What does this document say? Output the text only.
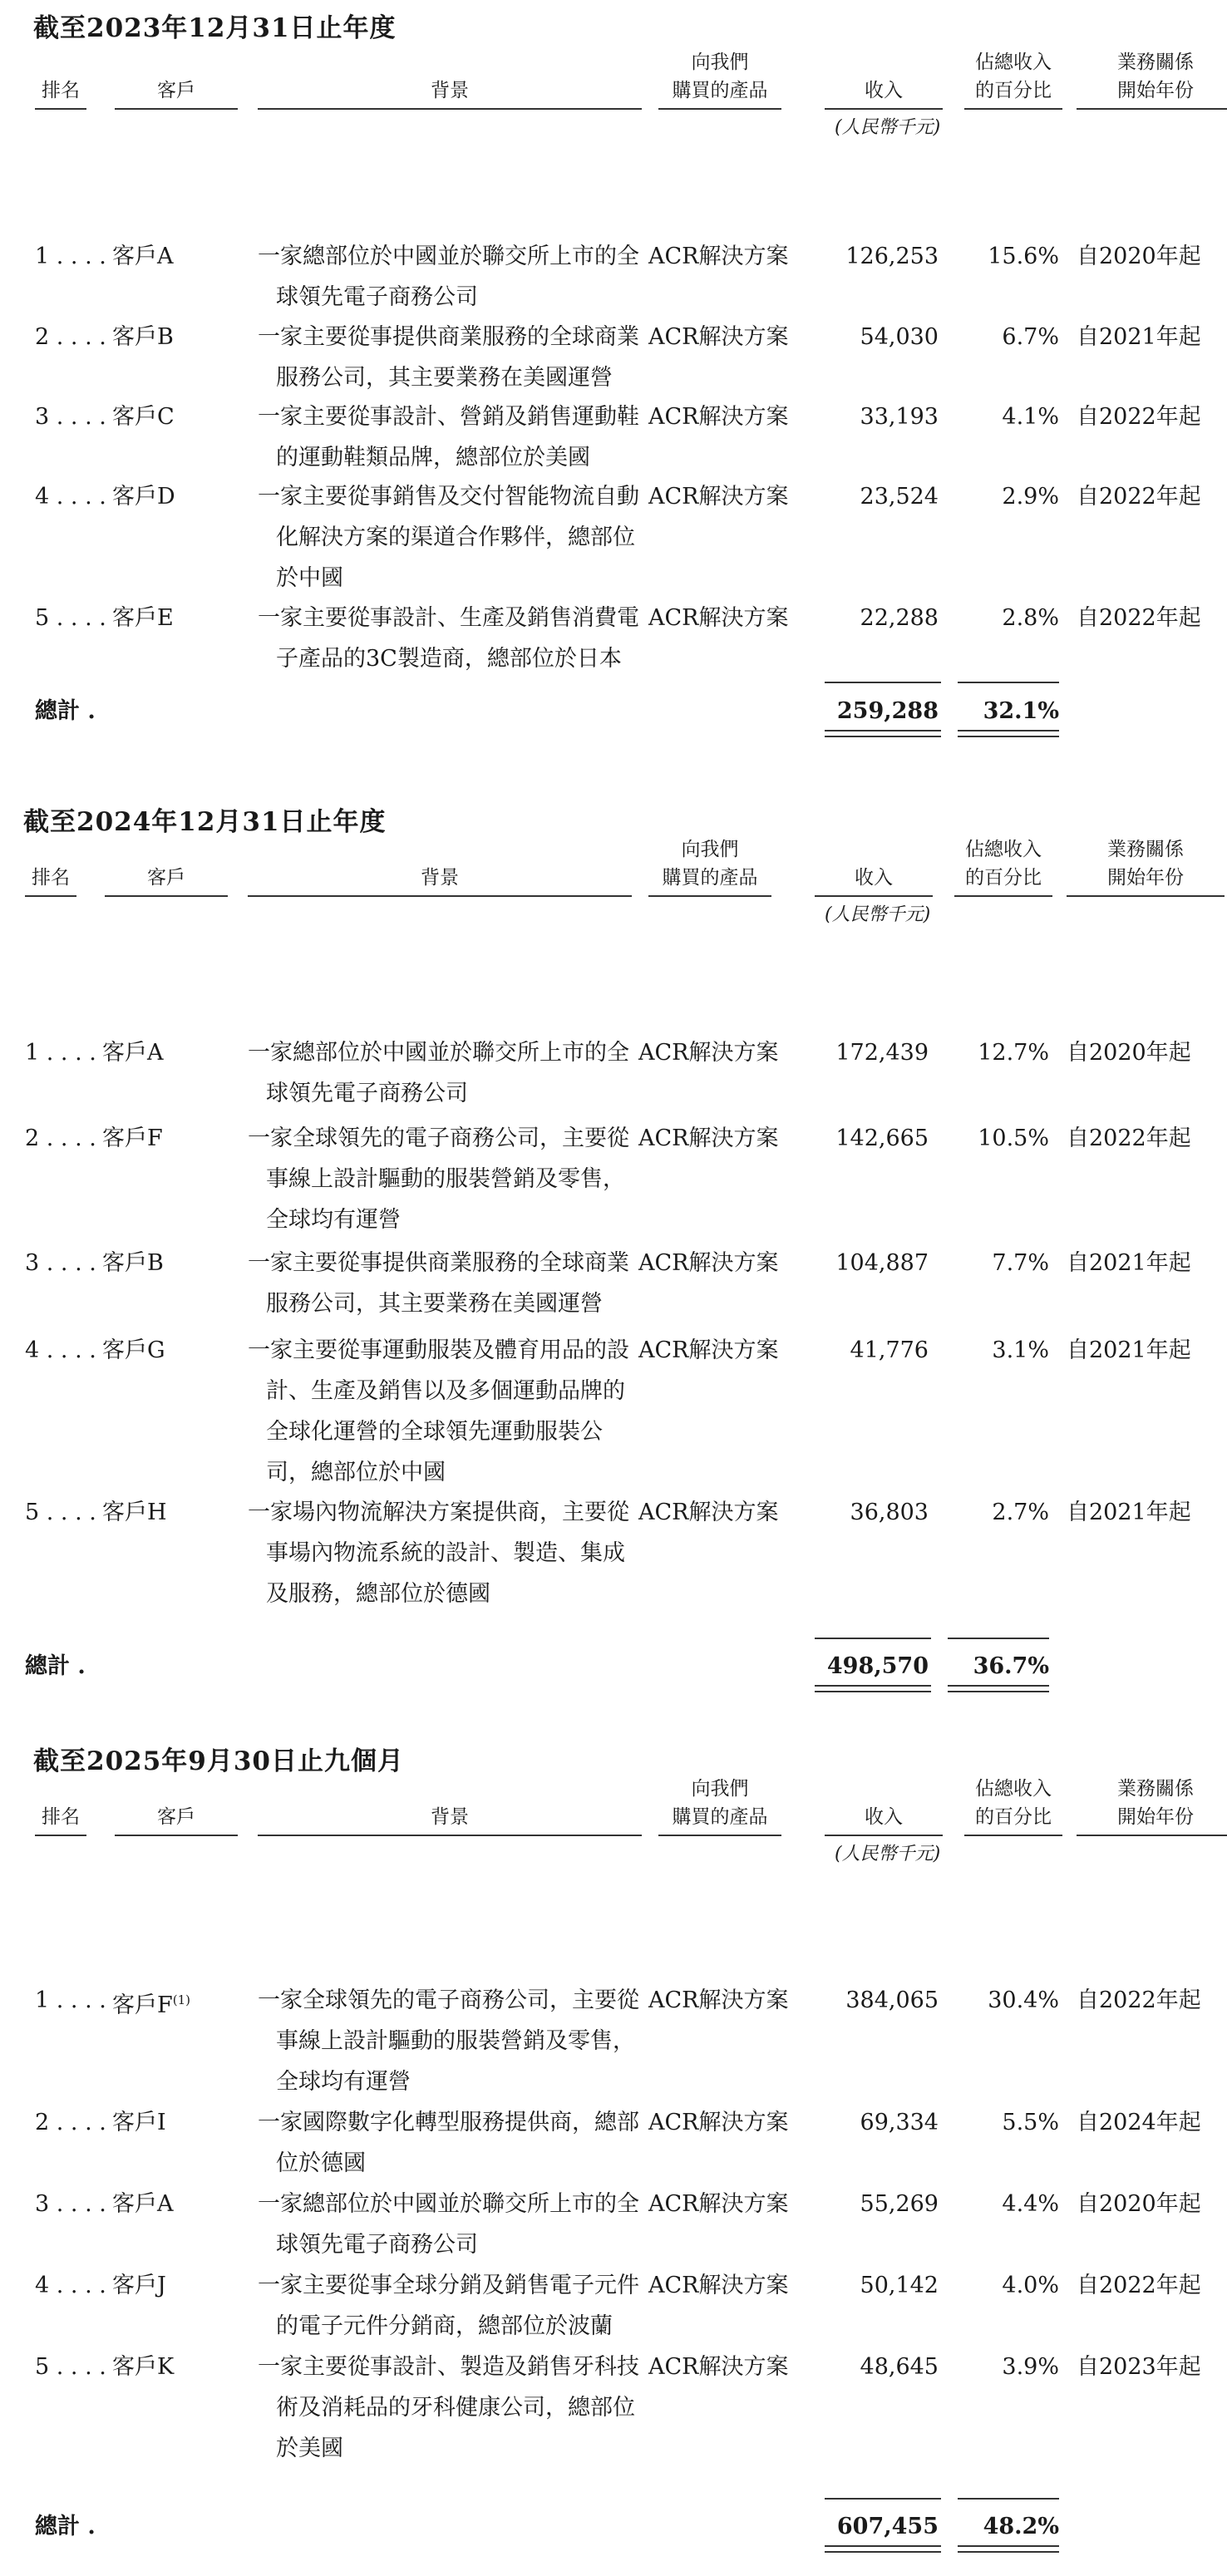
截至2023年12月31日止年度
排名	客戶	背景
向我們
購買的產品	收入
佔總收入
的百分比
業務關係
開始年份
(人民幣千元)
1 . . . . 客戶A	一家總部位於中國並於聯交所上市的全
球領先電子商務公司
ACR解決方案	126,253	15.6% 自2020年起
2 . . . . 客戶B	一家主要從事提供商業服務的全球商業
服務公司，其主要業務在美國運營
ACR解決方案	54,030	6.7% 自2021年起
3 . . . . 客戶C	一家主要從事設計、營銷及銷售運動鞋
的運動鞋類品牌，總部位於美國
ACR解決方案	33,193	4.1% 自2022年起
4 . . . . 客戶D	一家主要從事銷售及交付智能物流自動
化解決方案的渠道合作夥伴，總部位
於中國
ACR解決方案	23,524	2.9% 自2022年起
5 . . . . 客戶E	一家主要從事設計、生產及銷售消費電
子產品的3C製造商，總部位於日本
ACR解決方案	22,288	2.8% 自2022年起
總計 .	259,288	32.1%
截至2024年12月31日止年度
排名	客戶	背景
向我們
購買的產品	收入
佔總收入
的百分比
業務關係
開始年份
(人民幣千元)
1 . . . . 客戶A	一家總部位於中國並於聯交所上市的全
球領先電子商務公司
ACR解決方案	172,439	12.7% 自2020年起
2 . . . . 客戶F	一家全球領先的電子商務公司，主要從
事線上設計驅動的服裝營銷及零售，
全球均有運營
ACR解決方案	142,665	10.5% 自2022年起
3 . . . . 客戶B	一家主要從事提供商業服務的全球商業
服務公司，其主要業務在美國運營
ACR解決方案	104,887	7.7% 自2021年起
4 . . . . 客戶G	一家主要從事運動服裝及體育用品的設
計、生產及銷售以及多個運動品牌的
全球化運營的全球領先運動服裝公
司，總部位於中國
ACR解決方案	41,776	3.1% 自2021年起
5 . . . . 客戶H	一家場內物流解決方案提供商，主要從
事場內物流系統的設計、製造、集成
及服務，總部位於德國
ACR解決方案	36,803	2.7% 自2021年起
總計 .	498,570	36.7%
截至2025年9月30日止九個月
排名	客戶	背景
向我們
購買的產品	收入
佔總收入
的百分比
業務關係
開始年份
(人民幣千元)
1 . . . . 客戶$F^{(1)}$	一家全球領先的電子商務公司，主要從
事線上設計驅動的服裝營銷及零售，
全球均有運營
ACR解決方案	384,065	30.4% 自2022年起
2 . . . . 客戶I	一家國際數字化轉型服務提供商，總部
位於德國
ACR解決方案	69,334	5.5% 自2024年起
3 . . . . 客戶A	一家總部位於中國並於聯交所上市的全
球領先電子商務公司
ACR解決方案	55,269	4.4% 自2020年起
4 . . . . 客戶J	一家主要從事全球分銷及銷售電子元件
的電子元件分銷商，總部位於波蘭
ACR解決方案	50,142	4.0% 自2022年起
5 . . . . 客戶K	一家主要從事設計、製造及銷售牙科技
術及消耗品的牙科健康公司，總部位
於美國
ACR解決方案	48,645	3.9% 自2023年起
總計 .	607,455	48.2%
